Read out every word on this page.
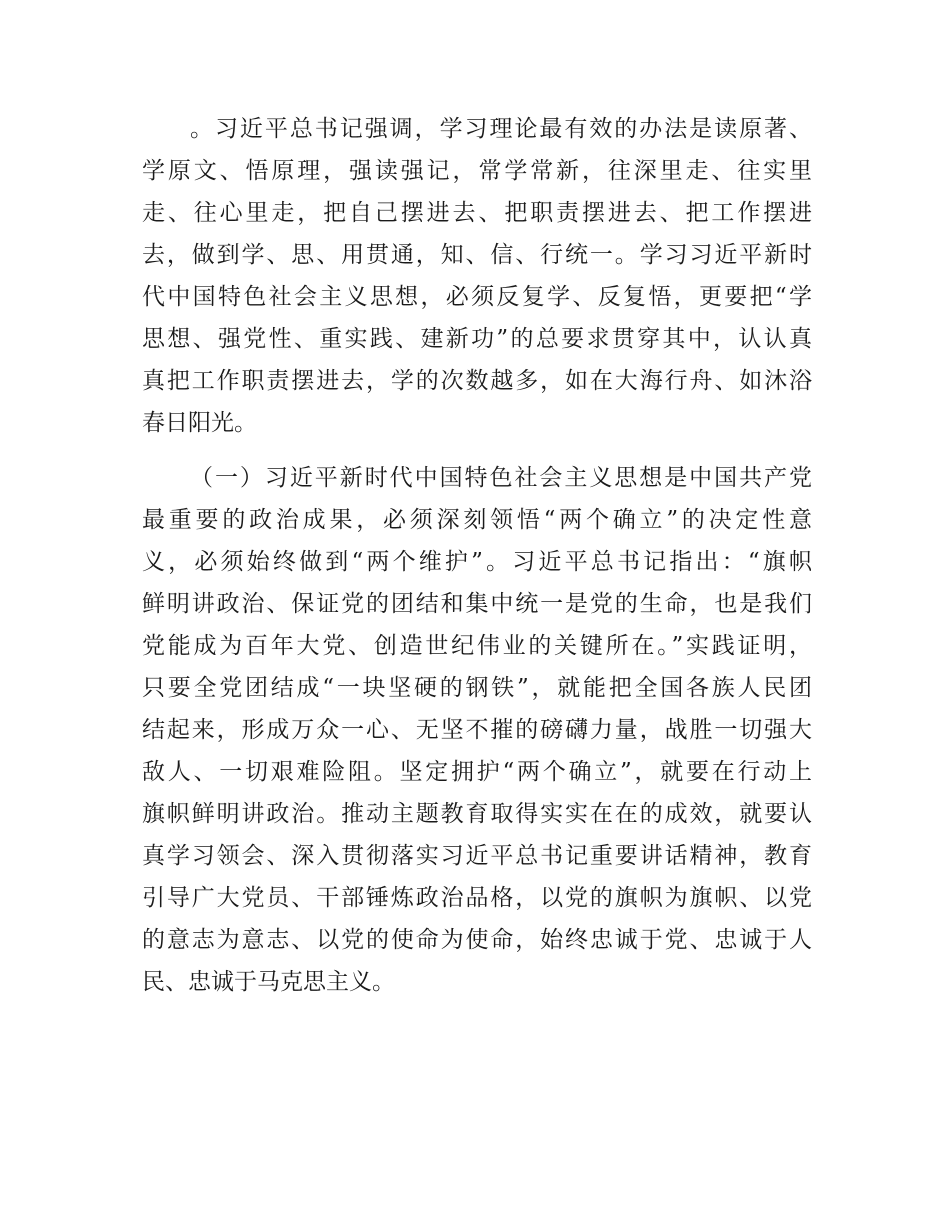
。习近平总书记强调，学习理论最有效的办法是读原著、

学原文、悟原理，强读强记，常学常新，往深里走、往实里

走、往心里走，把自己摆进去、把职责摆进去、把工作摆进

去，做到学、思、用贯通，知、信、行统一。学习习近平新时

代中国特色社会主义思想，必须反复学、反复悟，更要把“学

思想、强党性、重实践、建新功”的总要求贯穿其中，认认真

真把工作职责摆进去，学的次数越多，如在大海行舟、如沐浴

春日阳光。

（一）习近平新时代中国特色社会主义思想是中国共产党

最重要的政治成果，必须深刻领悟“两个确立”的决定性意

义，必须始终做到“两个维护”。习近平总书记指出：“旗帜

鲜明讲政治、保证党的团结和集中统一是党的生命，也是我们

党能成为百年大党、创造世纪伟业的关键所在。”实践证明，

只要全党团结成“一块坚硬的钢铁”，就能把全国各族人民团

结起来，形成万众一心、无坚不摧的磅礴力量，战胜一切强大

敌人、一切艰难险阻。坚定拥护“两个确立”，就要在行动上

旗帜鲜明讲政治。推动主题教育取得实实在在的成效，就要认

真学习领会、深入贯彻落实习近平总书记重要讲话精神，教育

引导广大党员、干部锤炼政治品格，以党的旗帜为旗帜、以党

的意志为意志、以党的使命为使命，始终忠诚于党、忠诚于人

民、忠诚于马克思主义。
